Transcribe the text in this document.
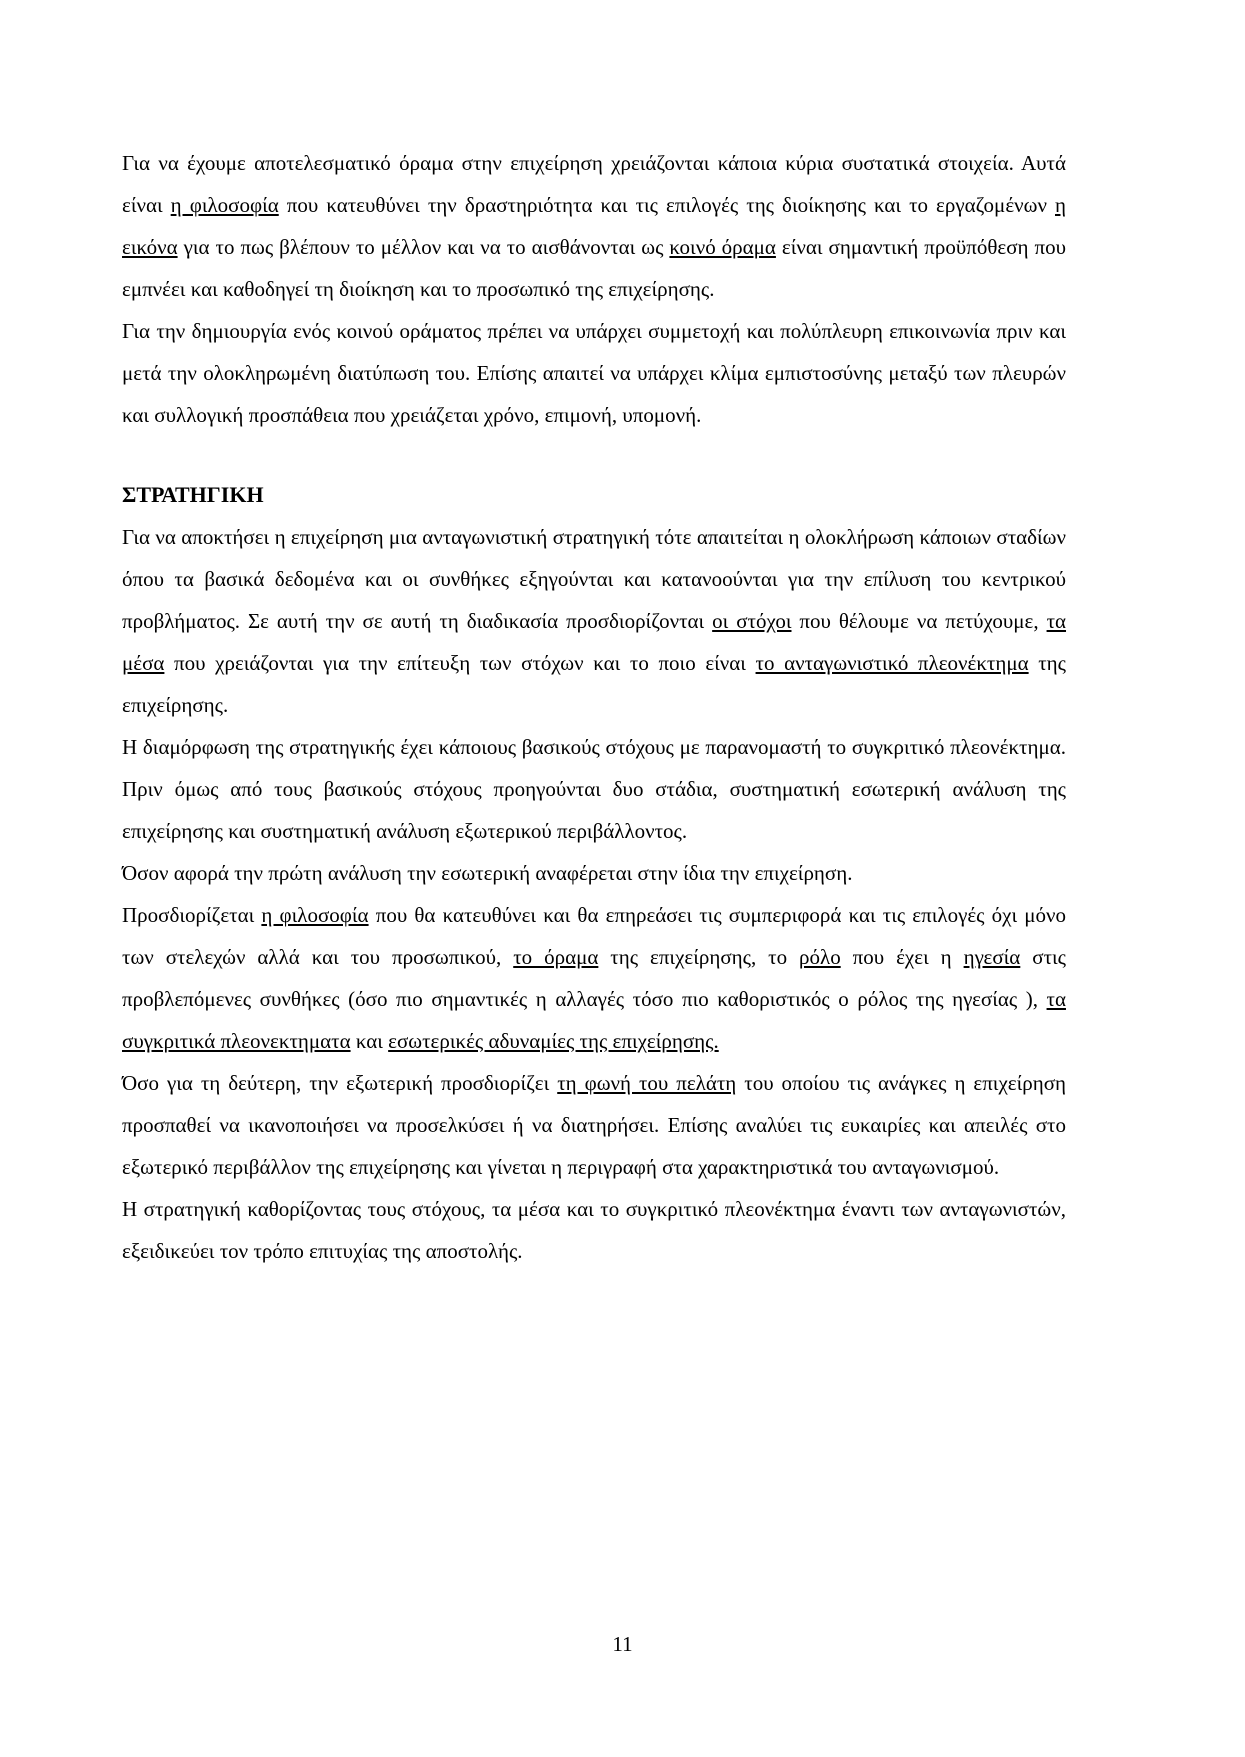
Για να έχουμε αποτελεσματικό όραμα στην επιχείρηση χρειάζονται κάποια κύρια συστατικά στοιχεία. Αυτά είναι η φιλοσοφία που κατευθύνει την δραστηριότητα και τις επιλογές της διοίκησης και το εργαζομένων η εικόνα για το πως βλέπουν το μέλλον και να το αισθάνονται ως κοινό όραμα είναι σημαντική προϋπόθεση που εμπνέει και καθοδηγεί τη διοίκηση και το προσωπικό της επιχείρησης.

Για την δημιουργία ενός κοινού οράματος πρέπει να υπάρχει συμμετοχή και πολύπλευρη επικοινωνία πριν και μετά την ολοκληρωμένη διατύπωση του. Επίσης απαιτεί να υπάρχει κλίμα εμπιστοσύνης μεταξύ των πλευρών και συλλογική προσπάθεια που χρειάζεται χρόνο, επιμονή, υπομονή.

ΣΤΡΑΤΗΓΙΚΗ

Για να αποκτήσει η επιχείρηση μια ανταγωνιστική στρατηγική τότε απαιτείται η ολοκλήρωση κάποιων σταδίων όπου τα βασικά δεδομένα και οι συνθήκες εξηγούνται και κατανοούνται για την επίλυση του κεντρικού προβλήματος. Σε αυτή την σε αυτή τη διαδικασία προσδιορίζονται οι στόχοι που θέλουμε να πετύχουμε, τα μέσα που χρειάζονται για την επίτευξη των στόχων και το ποιο είναι το ανταγωνιστικό πλεονέκτημα της επιχείρησης.

Η διαμόρφωση της στρατηγικής έχει κάποιους βασικούς στόχους με παρανομαστή το συγκριτικό πλεονέκτημα. Πριν όμως από τους βασικούς στόχους προηγούνται δυο στάδια, συστηματική εσωτερική ανάλυση της επιχείρησης και συστηματική ανάλυση εξωτερικού περιβάλλοντος.

Όσον αφορά την πρώτη ανάλυση την εσωτερική αναφέρεται στην ίδια την επιχείρηση.

Προσδιορίζεται η φιλοσοφία που θα κατευθύνει και θα επηρεάσει τις συμπεριφορά και τις επιλογές όχι μόνο των στελεχών αλλά και του προσωπικού, το όραμα της επιχείρησης, το ρόλο που έχει η ηγεσία στις προβλεπόμενες συνθήκες (όσο πιο σημαντικές η αλλαγές τόσο πιο καθοριστικός ο ρόλος της ηγεσίας ), τα συγκριτικά πλεονεκτηματα και εσωτερικές αδυναμίες της επιχείρησης.

Όσο για τη δεύτερη, την εξωτερική προσδιορίζει τη φωνή του πελάτη του οποίου τις ανάγκες η επιχείρηση προσπαθεί να ικανοποιήσει να προσελκύσει ή να διατηρήσει. Επίσης αναλύει τις ευκαιρίες και απειλές στο εξωτερικό περιβάλλον της επιχείρησης και γίνεται η περιγραφή στα χαρακτηριστικά του ανταγωνισμού.

Η στρατηγική καθορίζοντας τους στόχους, τα μέσα και το συγκριτικό πλεονέκτημα έναντι των ανταγωνιστών, εξειδικεύει τον τρόπο επιτυχίας της αποστολής.

11
